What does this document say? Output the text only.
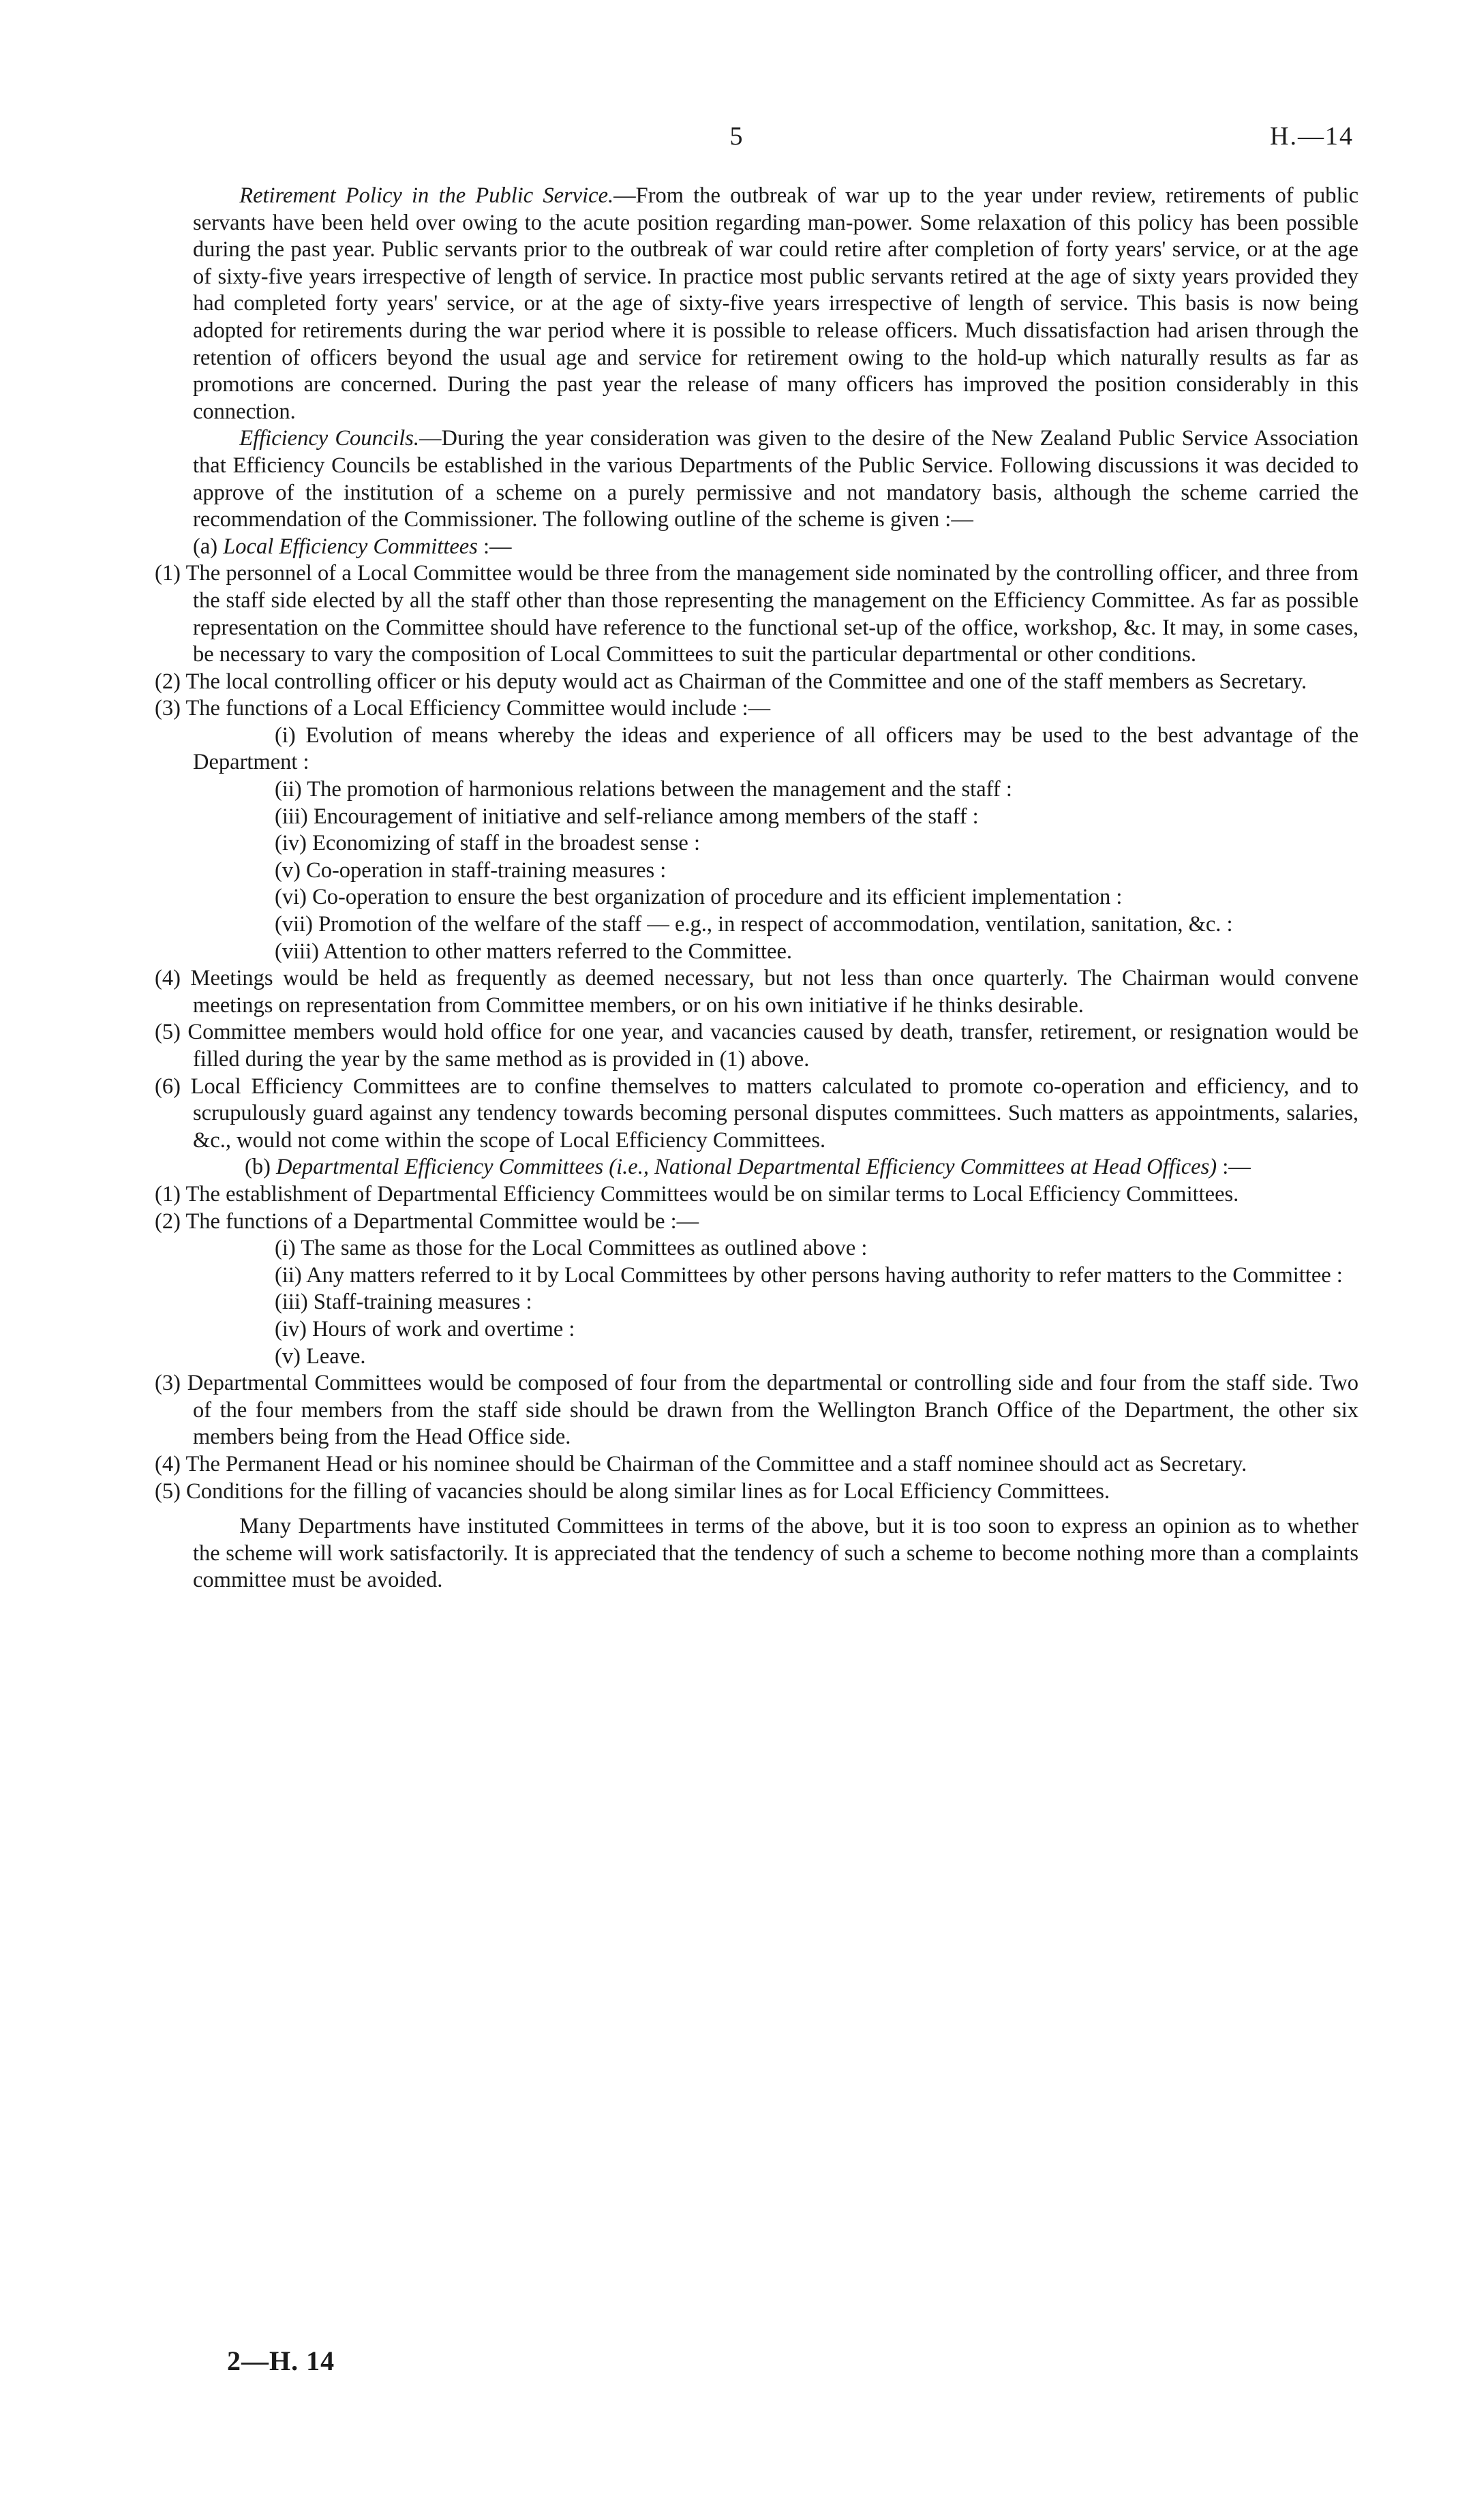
5	H.—14

Retirement Policy in the Public Service.—From the outbreak of war up to the year under review, retirements of public servants have been held over owing to the acute position regarding man-power. Some relaxation of this policy has been possible during the past year. Public servants prior to the outbreak of war could retire after completion of forty years' service, or at the age of sixty-five years irrespective of length of service. In practice most public servants retired at the age of sixty years provided they had completed forty years' service, or at the age of sixty-five years irrespective of length of service. This basis is now being adopted for retirements during the war period where it is possible to release officers. Much dissatisfaction had arisen through the retention of officers beyond the usual age and service for retirement owing to the hold-up which naturally results as far as promotions are concerned. During the past year the release of many officers has improved the position considerably in this connection.

Efficiency Councils.—During the year consideration was given to the desire of the New Zealand Public Service Association that Efficiency Councils be established in the various Departments of the Public Service. Following discussions it was decided to approve of the institution of a scheme on a purely permissive and not mandatory basis, although the scheme carried the recommendation of the Commissioner. The following outline of the scheme is given :—

(a) Local Efficiency Committees :—

(1) The personnel of a Local Committee would be three from the management side nominated by the controlling officer, and three from the staff side elected by all the staff other than those representing the management on the Efficiency Committee. As far as possible representation on the Committee should have reference to the functional set-up of the office, workshop, &c. It may, in some cases, be necessary to vary the composition of Local Committees to suit the particular departmental or other conditions.

(2) The local controlling officer or his deputy would act as Chairman of the Committee and one of the staff members as Secretary.

(3) The functions of a Local Efficiency Committee would include :—

(i) Evolution of means whereby the ideas and experience of all officers may be used to the best advantage of the Department :

(ii) The promotion of harmonious relations between the management and the staff :

(iii) Encouragement of initiative and self-reliance among members of the staff :

(iv) Economizing of staff in the broadest sense :

(v) Co-operation in staff-training measures :

(vi) Co-operation to ensure the best organization of procedure and its efficient implementation :

(vii) Promotion of the welfare of the staff — e.g., in respect of accommodation, ventilation, sanitation, &c. :

(viii) Attention to other matters referred to the Committee.

(4) Meetings would be held as frequently as deemed necessary, but not less than once quarterly. The Chairman would convene meetings on representation from Committee members, or on his own initiative if he thinks desirable.

(5) Committee members would hold office for one year, and vacancies caused by death, transfer, retirement, or resignation would be filled during the year by the same method as is provided in (1) above.

(6) Local Efficiency Committees are to confine themselves to matters calculated to promote co-operation and efficiency, and to scrupulously guard against any tendency towards becoming personal disputes committees. Such matters as appointments, salaries, &c., would not come within the scope of Local Efficiency Committees.

(b) Departmental Efficiency Committees (i.e., National Departmental Efficiency Committees at Head Offices) :—

(1) The establishment of Departmental Efficiency Committees would be on similar terms to Local Efficiency Committees.

(2) The functions of a Departmental Committee would be :—

(i) The same as those for the Local Committees as outlined above :

(ii) Any matters referred to it by Local Committees by other persons having authority to refer matters to the Committee :

(iii) Staff-training measures :

(iv) Hours of work and overtime :

(v) Leave.

(3) Departmental Committees would be composed of four from the departmental or controlling side and four from the staff side. Two of the four members from the staff side should be drawn from the Wellington Branch Office of the Department, the other six members being from the Head Office side.

(4) The Permanent Head or his nominee should be Chairman of the Committee and a staff nominee should act as Secretary.

(5) Conditions for the filling of vacancies should be along similar lines as for Local Efficiency Committees.

Many Departments have instituted Committees in terms of the above, but it is too soon to express an opinion as to whether the scheme will work satisfactorily. It is appreciated that the tendency of such a scheme to become nothing more than a complaints committee must be avoided.

2—H. 14
